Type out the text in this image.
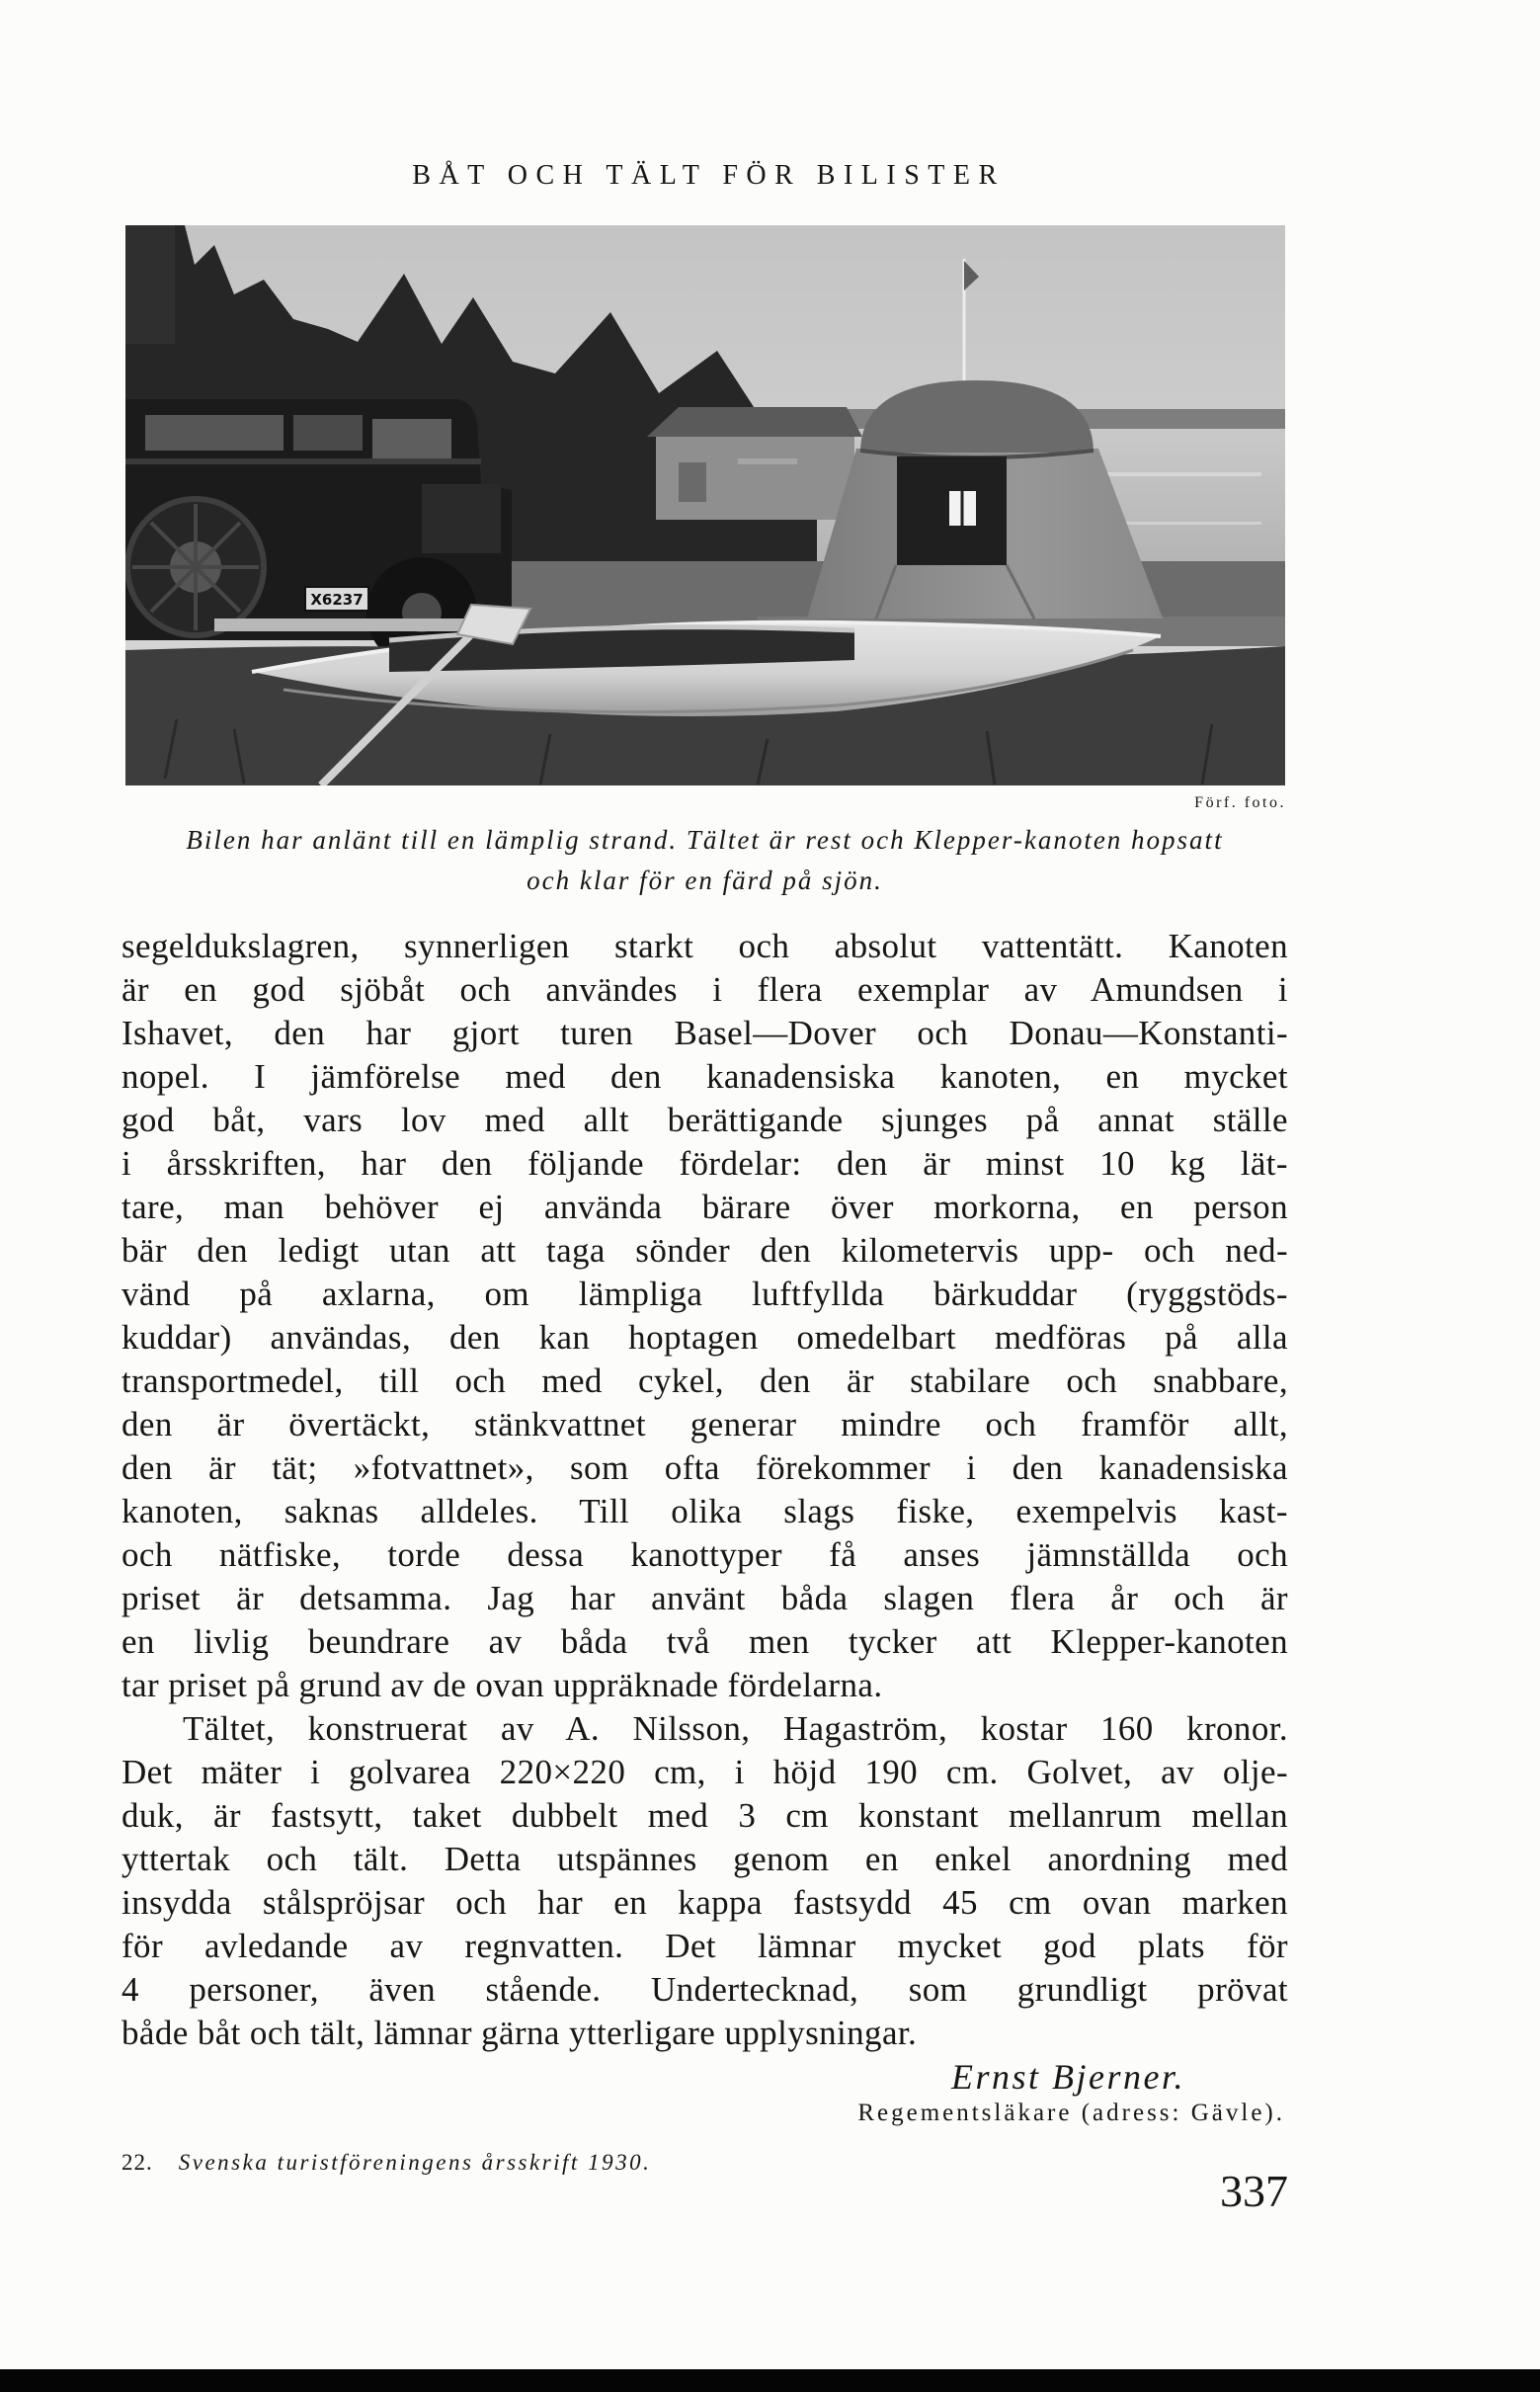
BÅT OCH TÄLT FÖR BILISTER
X6237
Förf. foto.
Bilen har anlänt till en lämplig strand. Tältet är rest och Klepper-kanoten hopsatt
och klar för en färd på sjön.
segeldukslagren, synnerligen starkt och absolut vattentätt. Kanoten
är en god sjöbåt och användes i flera exemplar av Amundsen i
Ishavet, den har gjort turen Basel—Dover och Donau—Konstanti-
nopel. I jämförelse med den kanadensiska kanoten, en mycket
god båt, vars lov med allt berättigande sjunges på annat ställe
i årsskriften, har den följande fördelar: den är minst 10 kg lät-
tare, man behöver ej använda bärare över morkorna, en person
bär den ledigt utan att taga sönder den kilometervis upp- och ned-
vänd på axlarna, om lämpliga luftfyllda bärkuddar (ryggstöds-
kuddar) användas, den kan hoptagen omedelbart medföras på alla
transportmedel, till och med cykel, den är stabilare och snabbare,
den är övertäckt, stänkvattnet generar mindre och framför allt,
den är tät; »fotvattnet», som ofta förekommer i den kanadensiska
kanoten, saknas alldeles. Till olika slags fiske, exempelvis kast-
och nätfiske, torde dessa kanottyper få anses jämnställda och
priset är detsamma. Jag har använt båda slagen flera år och är
en livlig beundrare av båda två men tycker att Klepper-kanoten
tar priset på grund av de ovan uppräknade fördelarna.
Tältet, konstruerat av A. Nilsson, Hagaström, kostar 160 kronor.
Det mäter i golvarea 220×220 cm, i höjd 190 cm. Golvet, av olje-
duk, är fastsytt, taket dubbelt med 3 cm konstant mellanrum mellan
yttertak och tält. Detta utspännes genom en enkel anordning med
insydda stålspröjsar och har en kappa fastsydd 45 cm ovan marken
för avledande av regnvatten. Det lämnar mycket god plats för
4 personer, även stående. Undertecknad, som grundligt prövat
både båt och tält, lämnar gärna ytterligare upplysningar.
Ernst Bjerner.
Regementsläkare (adress: Gävle).
22. Svenska turistföreningens årsskrift 1930.
337
